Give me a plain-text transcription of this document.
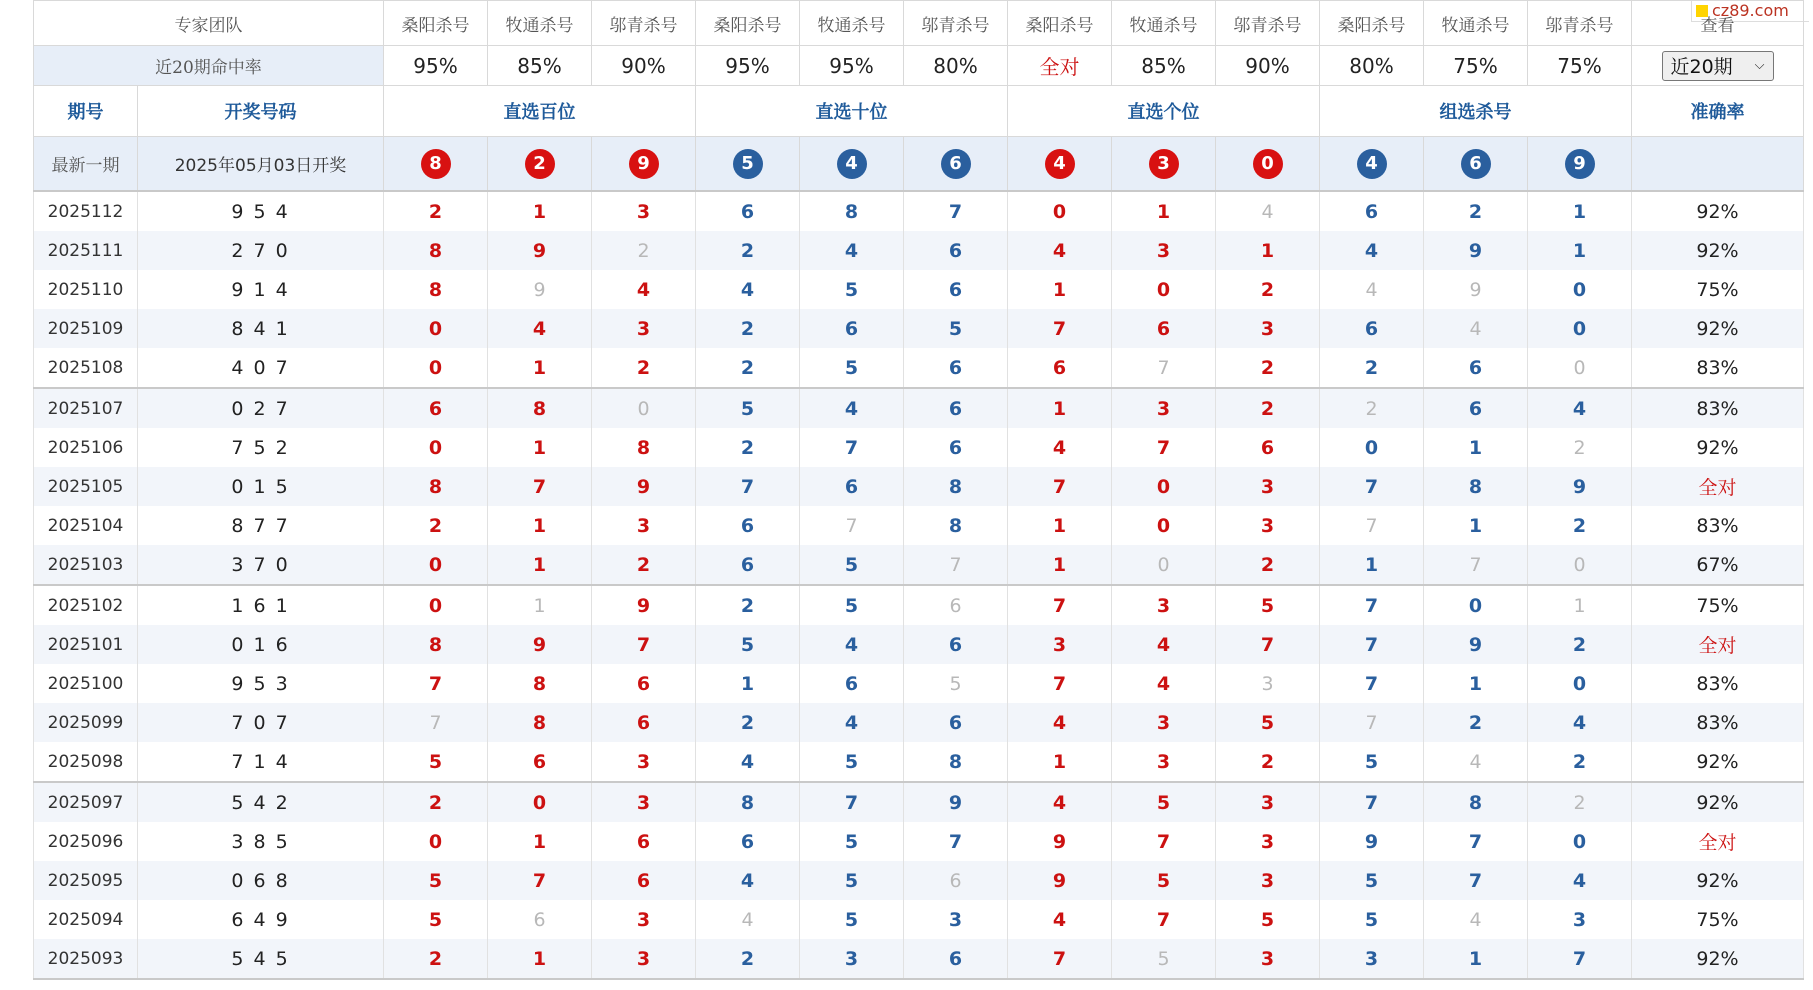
cz89.com
专家团队		桑阳杀号	牧通杀号	邬青杀号	桑阳杀号	牧通杀号	邬青杀号	桑阳杀号	牧通杀号	邬青杀号	桑阳杀号	牧通杀号	邬青杀号	查看
近20期命中率		95%	85%	90%	95%	95%	80%	全对	85%	90%	80%	75%	75%	近20期 ⌵

期号	开奖号码	直选百位			直选十位			直选个位			组选杀号			准确率
最新一期	2025年05月03日开奖	8	2	9	5	4	6	4	3	0	4	6	9	
2025112	9 5 4	2	1	3	6	8	7	0	1	4	6	2	1	92%
2025111	2 7 0	8	9	2	2	4	6	4	3	1	4	9	1	92%
2025110	9 1 4	8	9	4	4	5	6	1	0	2	4	9	0	75%
2025109	8 4 1	0	4	3	2	6	5	7	6	3	6	4	0	92%
2025108	4 0 7	0	1	2	2	5	6	6	7	2	2	6	0	83%
2025107	0 2 7	6	8	0	5	4	6	1	3	2	2	6	4	83%
2025106	7 5 2	0	1	8	2	7	6	4	7	6	0	1	2	92%
2025105	0 1 5	8	7	9	7	6	8	7	0	3	7	8	9	全对
2025104	8 7 7	2	1	3	6	7	8	1	0	3	7	1	2	83%
2025103	3 7 0	0	1	2	6	5	7	1	0	2	1	7	0	67%
2025102	1 6 1	0	1	9	2	5	6	7	3	5	7	0	1	75%
2025101	0 1 6	8	9	7	5	4	6	3	4	7	7	9	2	全对
2025100	9 5 3	7	8	6	1	6	5	7	4	3	7	1	0	83%
2025099	7 0 7	7	8	6	2	4	6	4	3	5	7	2	4	83%
2025098	7 1 4	5	6	3	4	5	8	1	3	2	5	4	2	92%
2025097	5 4 2	2	0	3	8	7	9	4	5	3	7	8	2	92%
2025096	3 8 5	0	1	6	6	5	7	9	7	3	9	7	0	全对
2025095	0 6 8	5	7	6	4	5	6	9	5	3	5	7	4	92%
2025094	6 4 9	5	6	3	4	5	3	4	7	5	5	4	3	75%
2025093	5 4 5	2	1	3	2	3	6	7	5	3	3	1	7	92%
